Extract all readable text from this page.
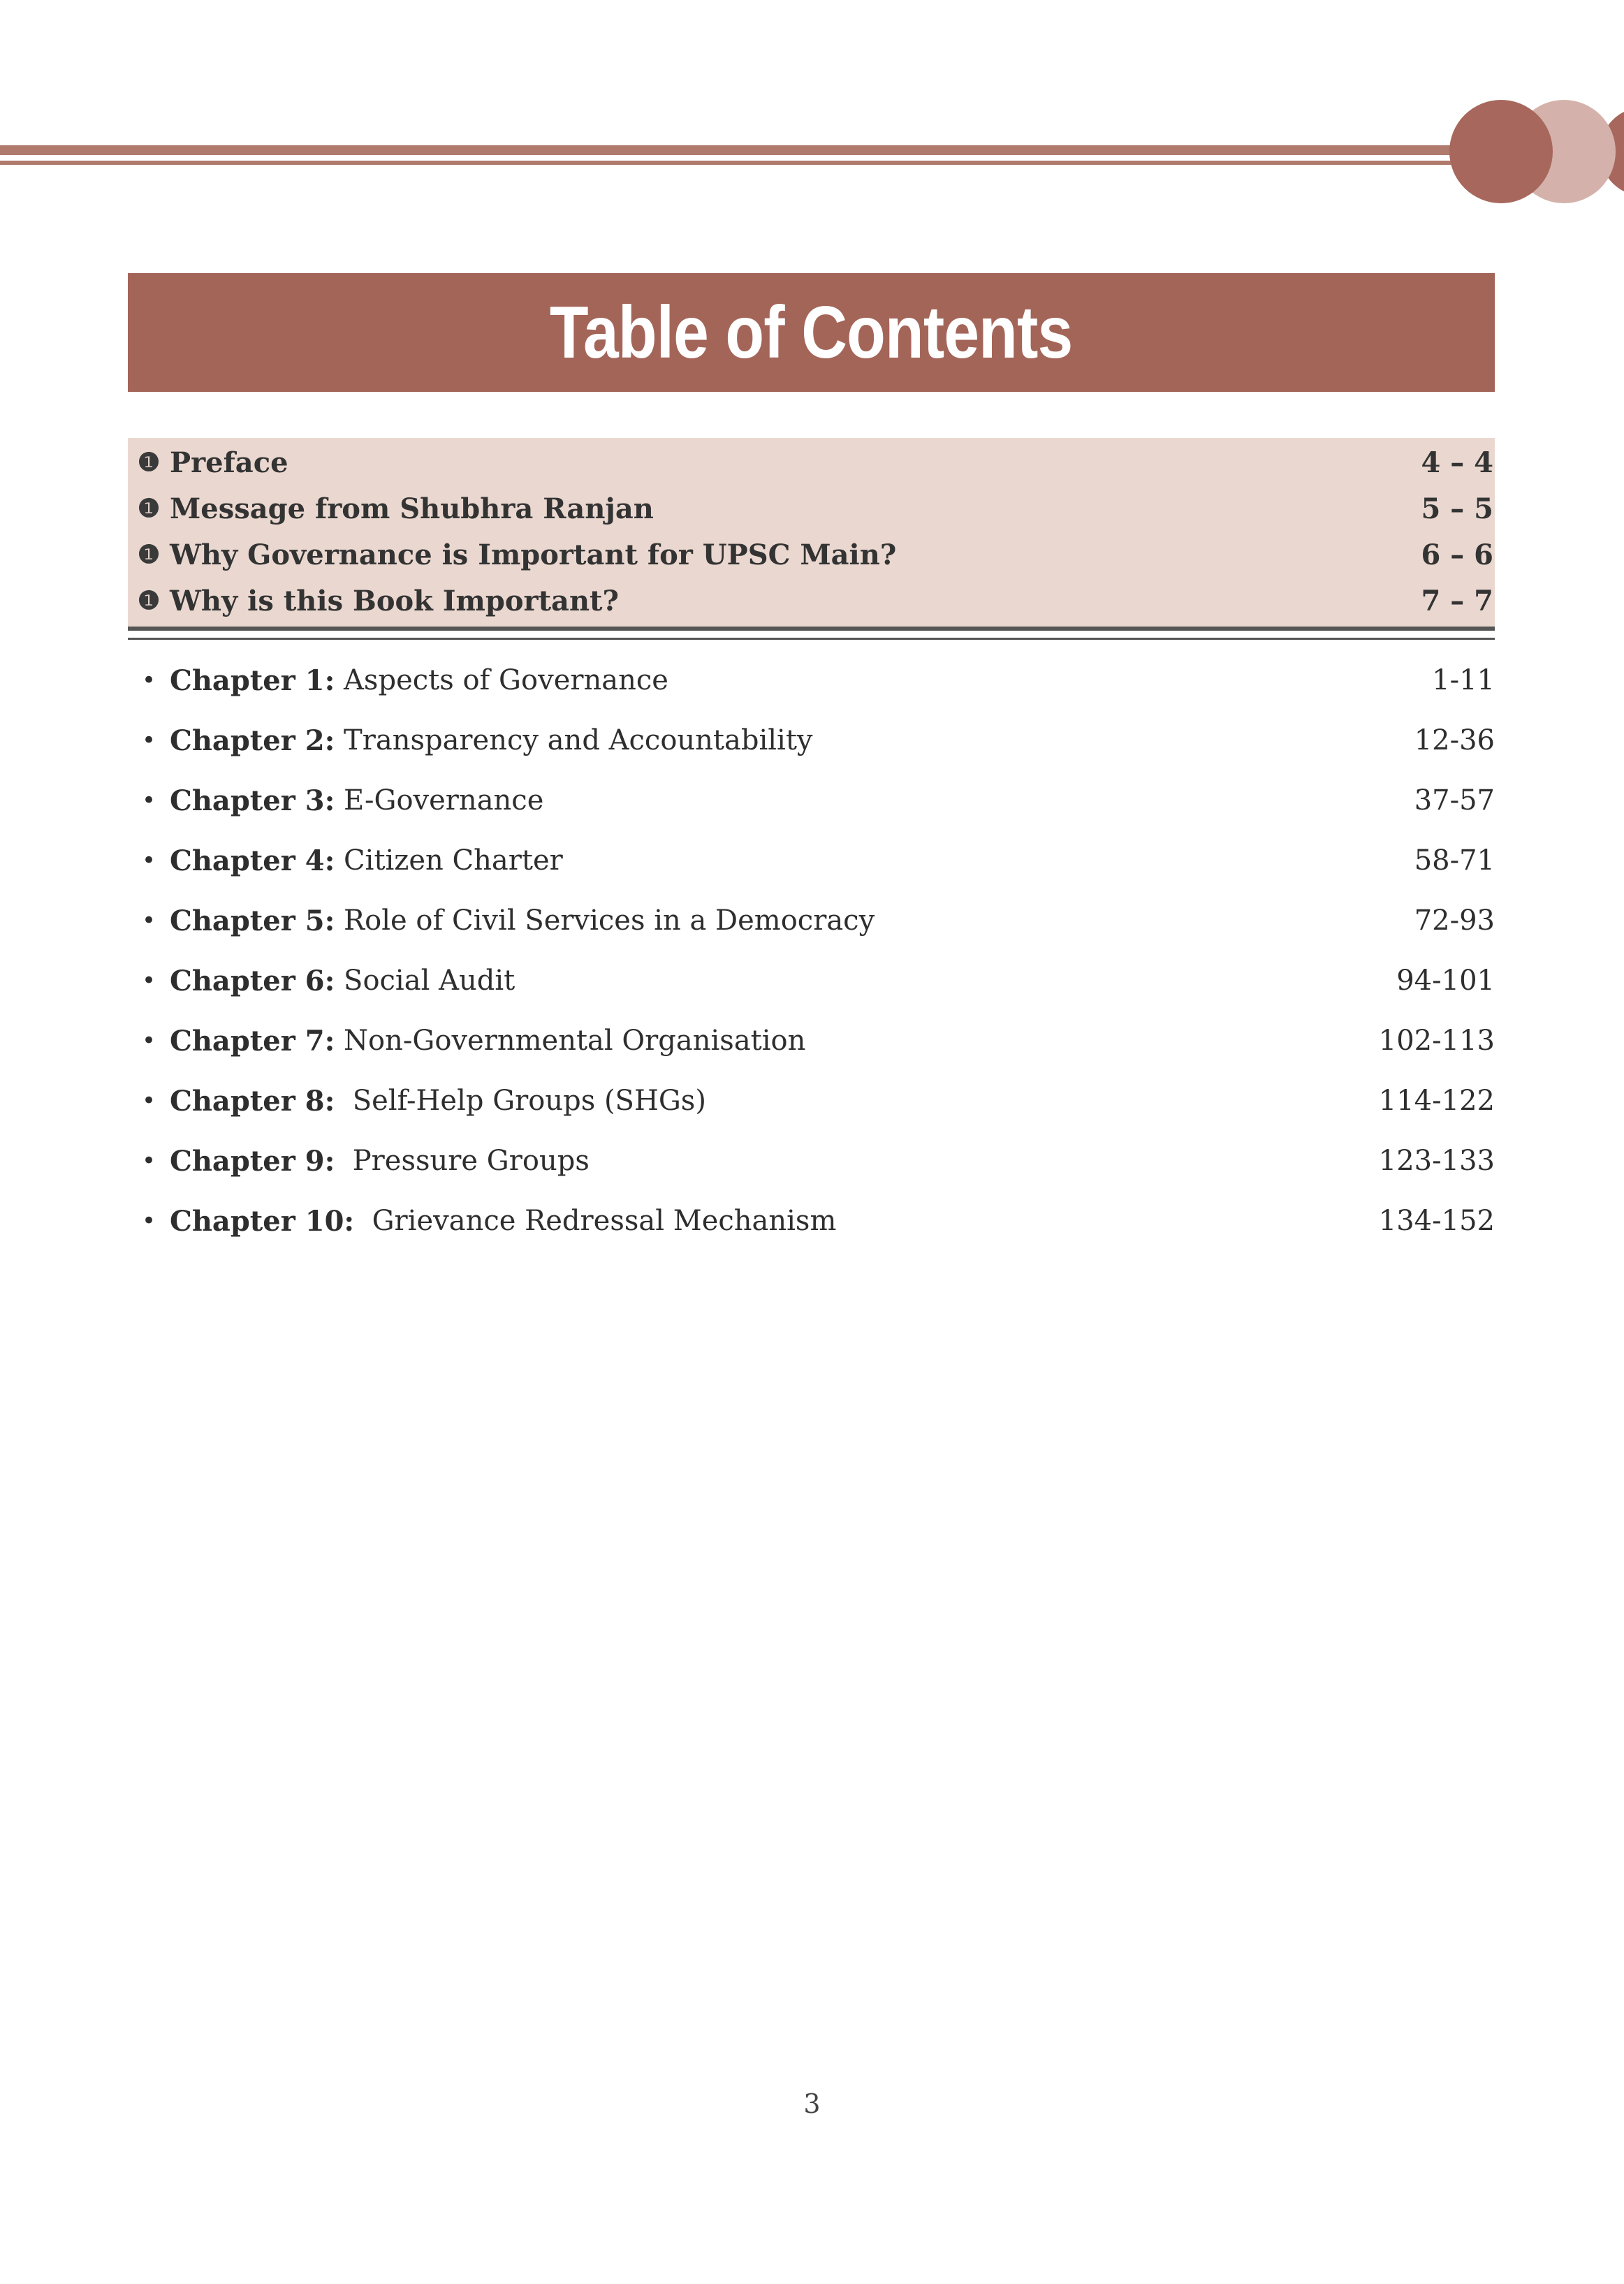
Table of Contents
❶ Preface	4 – 4
❶ Message from Shubhra Ranjan	5 – 5
❶ Why Governance is Important for UPSC Main?	6 – 6
❶ Why is this Book Important?	7 – 7
• Chapter 1: Aspects of Governance	1-11
• Chapter 2: Transparency and Accountability	12-36
• Chapter 3: E-Governance	37-57
• Chapter 4: Citizen Charter	58-71
• Chapter 5: Role of Civil Services in a Democracy	72-93
• Chapter 6: Social Audit	94-101
• Chapter 7: Non-Governmental Organisation	102-113
• Chapter 8: Self-Help Groups (SHGs)	114-122
• Chapter 9: Pressure Groups	123-133
• Chapter 10: Grievance Redressal Mechanism	134-152
3
